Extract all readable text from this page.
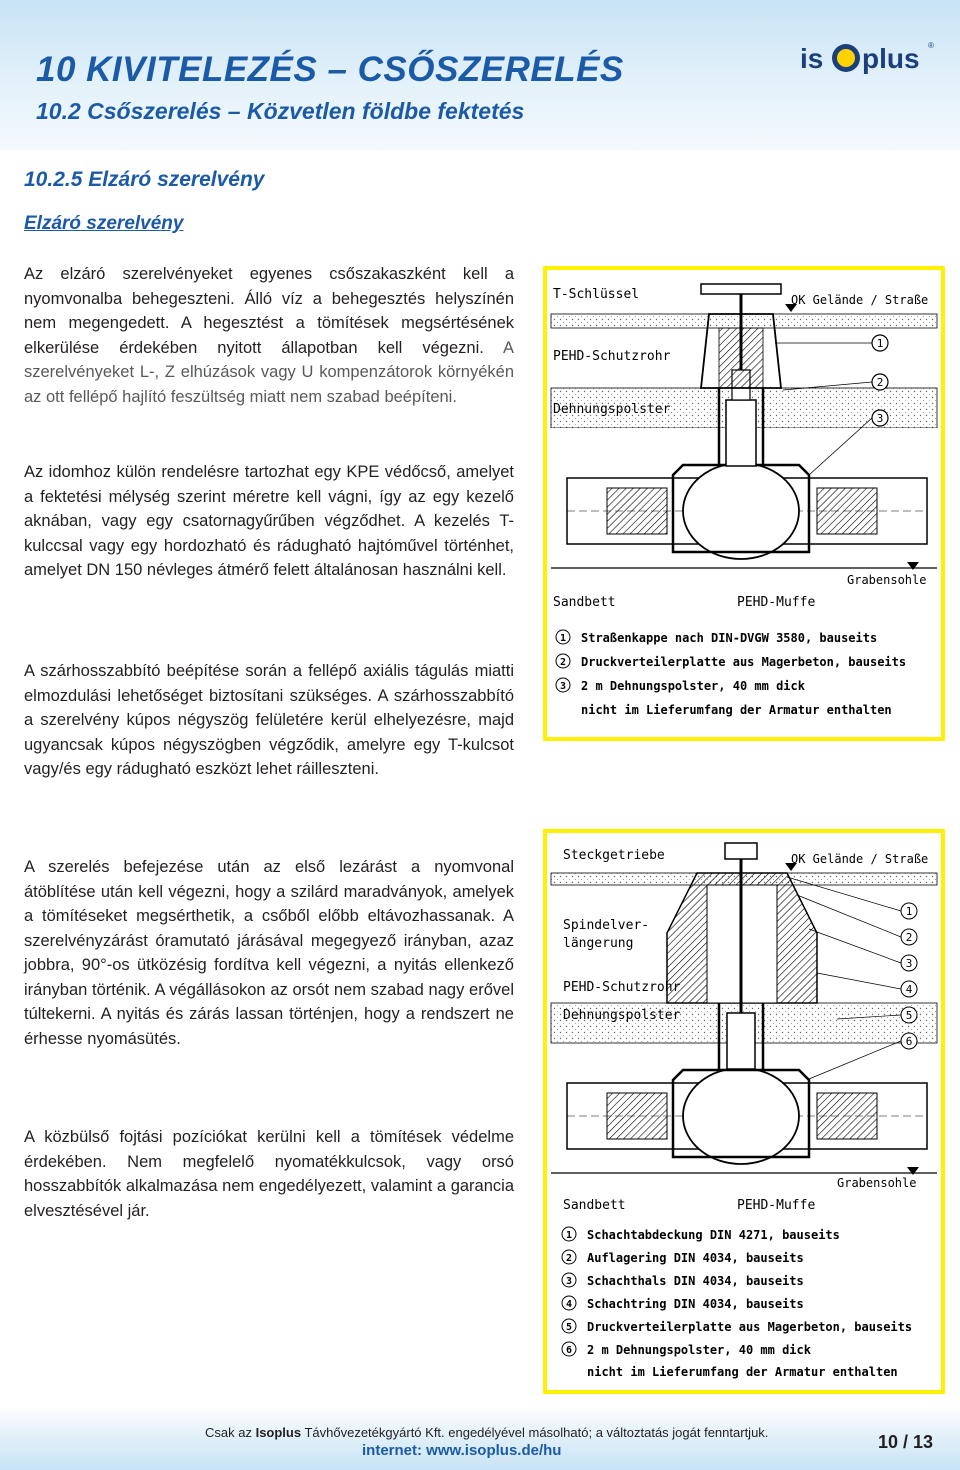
10 KIVITELEZÉS – CSŐSZERELÉS
10.2 Csőszerelés – Közvetlen földbe fektetés
is plus ®
10.2.5 Elzáró szerelvény
Elzáró szerelvény
Az elzáró szerelvényeket egyenes csőszakaszként kell a nyomvonalba behegeszteni. Álló víz a behegesztés helyszínén nem megengedett. A hegesztést a tömítések megsértésének elkerülése érdekében nyitott állapotban kell végezni. A szerelvényeket L-, Z elhúzások vagy U kompenzátorok környékén az ott fellépő hajlító feszültség miatt nem szabad beépíteni.
Az idomhoz külön rendelésre tartozhat egy KPE védőcső, amelyet a fektetési mélység szerint méretre kell vágni, így az egy kezelő aknában, vagy egy csatornagyűrűben végződhet. A kezelés T-kulccsal vagy egy hordozható és rádugható hajtóművel történhet, amelyet DN 150 névleges átmérő felett általánosan használni kell.
A szárhosszabbító beépítése során a fellépő axiális tágulás miatti elmozdulási lehetőséget biztosítani szükséges. A szárhosszabbító a szerelvény kúpos négyszög felületére kerül elhelyezésre, majd ugyancsak kúpos négyszögben végződik, amelyre egy T-kulcsot vagy/és egy rádugható eszközt lehet ráilleszteni.
A szerelés befejezése után az első lezárást a nyomvonal átöblítése után kell végezni, hogy a szilárd maradványok, amelyek a tömítéseket megsérthetik, a csőből előbb eltávozhassanak. A szerelvényzárást óramutató járásával megegyező irányban, azaz jobbra, 90°-os ütközésig fordítva kell végezni, a nyitás ellenkező irányban történik. A végállásokon az orsót nem szabad nagy erővel túltekerni. A nyitás és zárás lassan történjen, hogy a rendszert ne érhesse nyomásütés.
A közbülső fojtási pozíciókat kerülni kell a tömítések védelme érdekében. Nem megfelelő nyomatékkulcsok, vagy orsó hosszabbítók alkalmazása nem engedélyezett, valamint a garancia elvesztésével jár.
1
2
3
T-Schlüssel	OK Gelände / Straße
PEHD-Schutzrohr
Dehnungspolster
Grabensohle
Sandbett	PEHD-Muffe
1 Straßenkappe nach DIN-DVGW 3580, bauseits
2 Druckverteilerplatte aus Magerbeton, bauseits
3 2 m Dehnungspolster, 40 mm dick
nicht im Lieferumfang der Armatur enthalten
1
2
3
4
5
6
Steckgetriebe	OK Gelände / Straße
Spindelver-
längerung
PEHD-Schutzrohr
Dehnungspolster
Grabensohle
Sandbett	PEHD-Muffe
1 Schachtabdeckung DIN 4271, bauseits
2 Auflagering DIN 4034, bauseits
3 Schachthals DIN 4034, bauseits
4 Schachtring DIN 4034, bauseits
5 Druckverteilerplatte aus Magerbeton, bauseits
6 2 m Dehnungspolster, 40 mm dick
nicht im Lieferumfang der Armatur enthalten
Csak az Isoplus Távhővezetékgyártó Kft. engedélyével másolható; a változtatás jogát fenntartjuk.
internet: www.isoplus.de/hu	10 / 13
